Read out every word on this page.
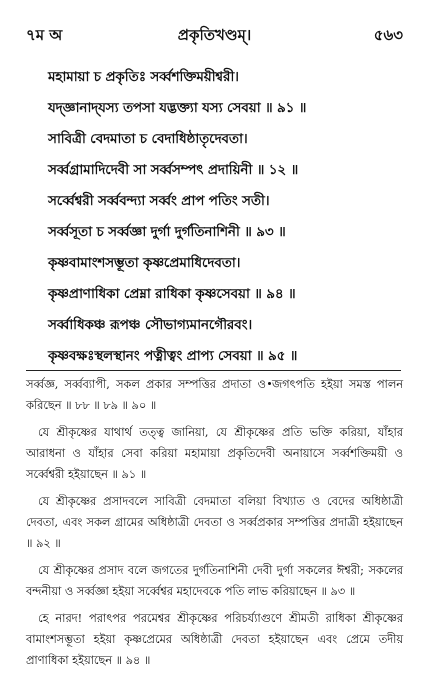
৭ম অ	প্রকৃতিখণ্ডম্‌।	৫৬৩
মহামায়া চ প্রকৃতিঃ সর্ব্বশক্তিময়ীশ্বরী।
যদ্‌জ্ঞানাদ্‌যস্য তপসা যদ্ভক্ত্যা যস্য সেবয়া ॥ ৯১ ॥
সাবিত্রী বেদমাতা চ বেদাধিষ্ঠাতৃদেবতা।
সর্ব্বগ্রামাদিদেবী সা সর্ব্বসম্পৎ প্রদায়িনী ॥ ১২ ॥
সর্ব্বেশ্বরী সর্ব্ববন্দ্যা সর্ব্বং প্রাপ পতিং সতী।
সর্ব্বসূতা চ সর্ব্বজ্ঞা দুর্গা দুর্গতিনাশিনী ॥ ৯৩ ॥
কৃষ্ণবামাংশসম্ভূতা কৃষ্ণপ্রেমাধিদেবতা।
কৃষ্ণপ্রাণাধিকা প্রেম্না রাধিকা কৃষ্ণসেবয়া ॥ ৯৪ ॥
সর্ব্বাধিকঞ্চ রূপঞ্চ সৌভাগ্যমানগৌরবং।
কৃষ্ণবক্ষঃস্থলস্থানং পত্নীত্বং প্রাপ্য সেবয়া ॥ ৯৫ ॥

সর্ব্বজ্ঞ, সর্ব্বব্যাপী, সকল প্রকার সম্পত্তির প্রদাতা ও জগৎপতি হইয়া সমস্ত পালন করিছেন ॥ ৮৮ ॥ ৮৯ ॥ ৯০ ॥

যে শ্রীকৃষ্ণের যাথার্থ তত্ত্ব জানিয়া, যে শ্রীকৃষ্ণের প্রতি ভক্তি করিয়া, যাঁহার আরাধনা ও যাঁহার সেবা করিয়া মহামায়া প্রকৃতিদেবী অনায়াসে সর্ব্বশক্তিময়ী ও সর্ব্বেশ্বরী হইয়াছেন ॥ ৯১ ॥

যে শ্রীকৃষ্ণের প্রসাদবলে সাবিত্রী বেদমাতা বলিয়া বিখ্যাত ও বেদের অধিষ্ঠাত্রী দেবতা, এবং সকল গ্রামের অধিষ্ঠাত্রী দেবতা ও সর্ব্বপ্রকার সম্পত্তির প্রদাত্রী হইয়াছেন ॥ ৯২ ॥

যে শ্রীকৃষ্ণের প্রসাদ বলে জগতের দুর্গতিনাশিনী দেবী দুর্গা সকলের ঈশ্বরী; সকলের বন্দনীয়া ও সর্ব্বজ্ঞা হইয়া সর্ব্বেশ্বর মহাদেবকে পতি লাভ করিয়াছেন ॥ ৯৩ ॥

হে নারদ! পরাৎপর পরমেশ্বর শ্রীকৃষ্ণের পরিচর্য্যাগুণে শ্রীমতী রাধিকা শ্রীকৃষ্ণের বামাংশসম্ভূতা হইয়া কৃষ্ণপ্রেমের অধিষ্ঠাত্রী দেবতা হইয়াছেন এবং প্রেমে তদীয় প্রাণাধিকা হইয়াছেন ॥ ৯৪ ॥
